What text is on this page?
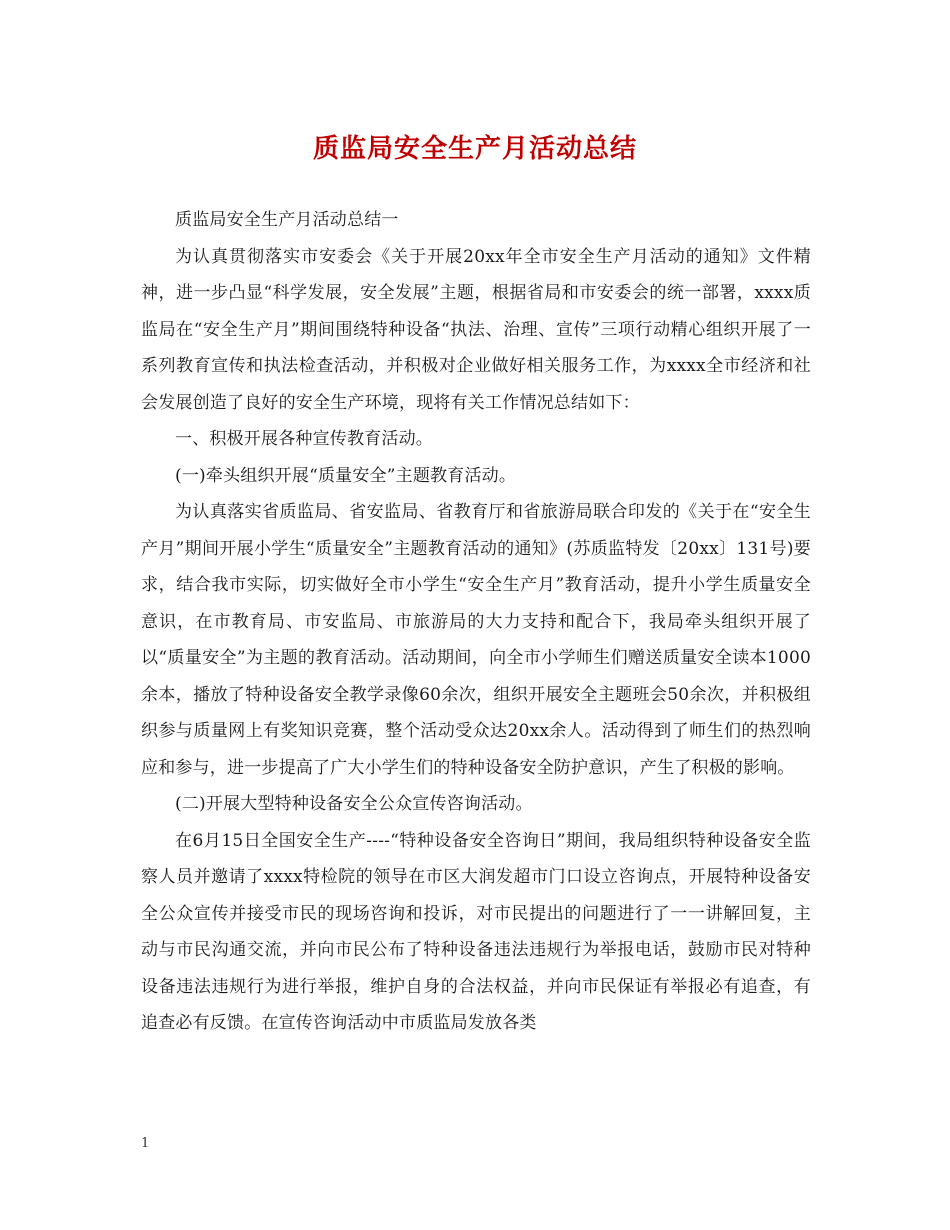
质监局安全生产月活动总结

质监局安全生产月活动总结一

为认真贯彻落实市安委会《关于开展20xx年全市安全生产月活动的通知》文件精神，进一步凸显“科学发展，安全发展”主题，根据省局和市安委会的统一部署，xxxx质监局在“安全生产月”期间围绕特种设备“执法、治理、宣传”三项行动精心组织开展了一系列教育宣传和执法检查活动，并积极对企业做好相关服务工作，为xxxx全市经济和社会发展创造了良好的安全生产环境，现将有关工作情况总结如下：

一、积极开展各种宣传教育活动。

(一)牵头组织开展“质量安全”主题教育活动。

为认真落实省质监局、省安监局、省教育厅和省旅游局联合印发的《关于在“安全生产月”期间开展小学生“质量安全”主题教育活动的通知》(苏质监特发〔20xx〕131号)要求，结合我市实际，切实做好全市小学生“安全生产月”教育活动，提升小学生质量安全意识，在市教育局、市安监局、市旅游局的大力支持和配合下，我局牵头组织开展了以“质量安全”为主题的教育活动。活动期间，向全市小学师生们赠送质量安全读本1000余本，播放了特种设备安全教学录像60余次，组织开展安全主题班会50余次，并积极组织参与质量网上有奖知识竞赛，整个活动受众达20xx余人。活动得到了师生们的热烈响应和参与，进一步提高了广大小学生们的特种设备安全防护意识，产生了积极的影响。

(二)开展大型特种设备安全公众宣传咨询活动。

在6月15日全国安全生产----“特种设备安全咨询日”期间，我局组织特种设备安全监察人员并邀请了xxxx特检院的领导在市区大润发超市门口设立咨询点，开展特种设备安全公众宣传并接受市民的现场咨询和投诉，对市民提出的问题进行了一一讲解回复，主动与市民沟通交流，并向市民公布了特种设备违法违规行为举报电话，鼓励市民对特种设备违法违规行为进行举报，维护自身的合法权益，并向市民保证有举报必有追查，有追查必有反馈。在宣传咨询活动中市质监局发放各类

1
